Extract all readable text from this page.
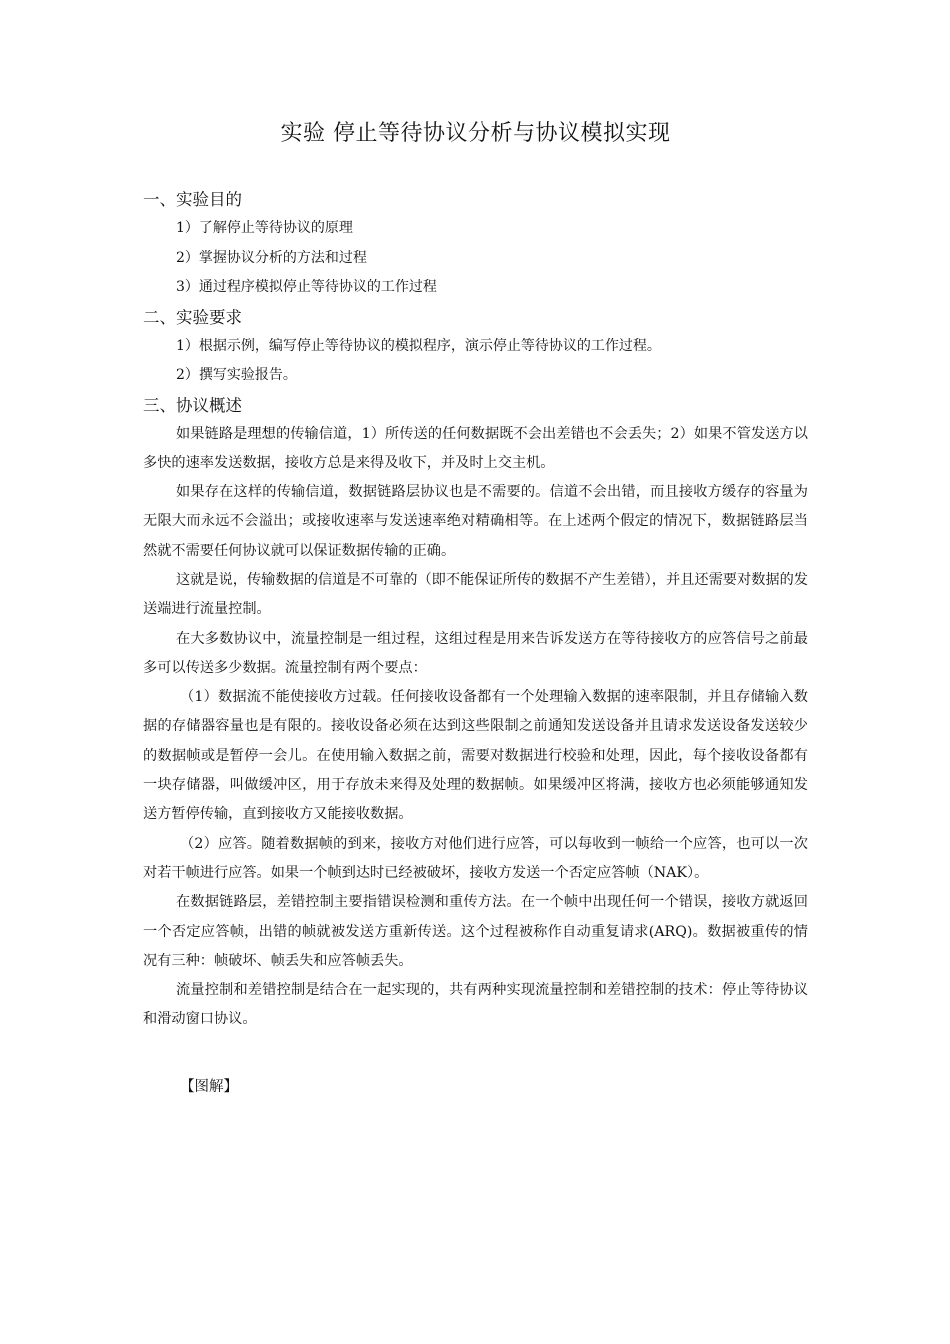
实验 停止等待协议分析与协议模拟实现
一、实验目的

1）了解停止等待协议的原理

2）掌握协议分析的方法和过程

3）通过程序模拟停止等待协议的工作过程

二、实验要求

1）根据示例，编写停止等待协议的模拟程序，演示停止等待协议的工作过程。

2）撰写实验报告。

三、协议概述

如果链路是理想的传输信道，1）所传送的任何数据既不会出差错也不会丢失；2）如果不管发送方以多快的速率发送数据，接收方总是来得及收下，并及时上交主机。

如果存在这样的传输信道，数据链路层协议也是不需要的。信道不会出错，而且接收方缓存的容量为无限大而永远不会溢出；或接收速率与发送速率绝对精确相等。在上述两个假定的情况下，数据链路层当然就不需要任何协议就可以保证数据传输的正确。

这就是说，传输数据的信道是不可靠的（即不能保证所传的数据不产生差错），并且还需要对数据的发送端进行流量控制。

在大多数协议中，流量控制是一组过程，这组过程是用来告诉发送方在等待接收方的应答信号之前最多可以传送多少数据。流量控制有两个要点：

（1）数据流不能使接收方过载。任何接收设备都有一个处理输入数据的速率限制，并且存储输入数据的存储器容量也是有限的。接收设备必须在达到这些限制之前通知发送设备并且请求发送设备发送较少的数据帧或是暂停一会儿。在使用输入数据之前，需要对数据进行校验和处理，因此，每个接收设备都有一块存储器，叫做缓冲区，用于存放未来得及处理的数据帧。如果缓冲区将满，接收方也必须能够通知发送方暂停传输，直到接收方又能接收数据。

（2）应答。随着数据帧的到来，接收方对他们进行应答，可以每收到一帧给一个应答，也可以一次对若干帧进行应答。如果一个帧到达时已经被破坏，接收方发送一个否定应答帧（NAK）。

在数据链路层，差错控制主要指错误检测和重传方法。在一个帧中出现任何一个错误，接收方就返回一个否定应答帧，出错的帧就被发送方重新传送。这个过程被称作自动重复请求(ARQ)。数据被重传的情况有三种：帧破坏、帧丢失和应答帧丢失。

流量控制和差错控制是结合在一起实现的，共有两种实现流量控制和差错控制的技术：停止等待协议和滑动窗口协议。

【图解】
